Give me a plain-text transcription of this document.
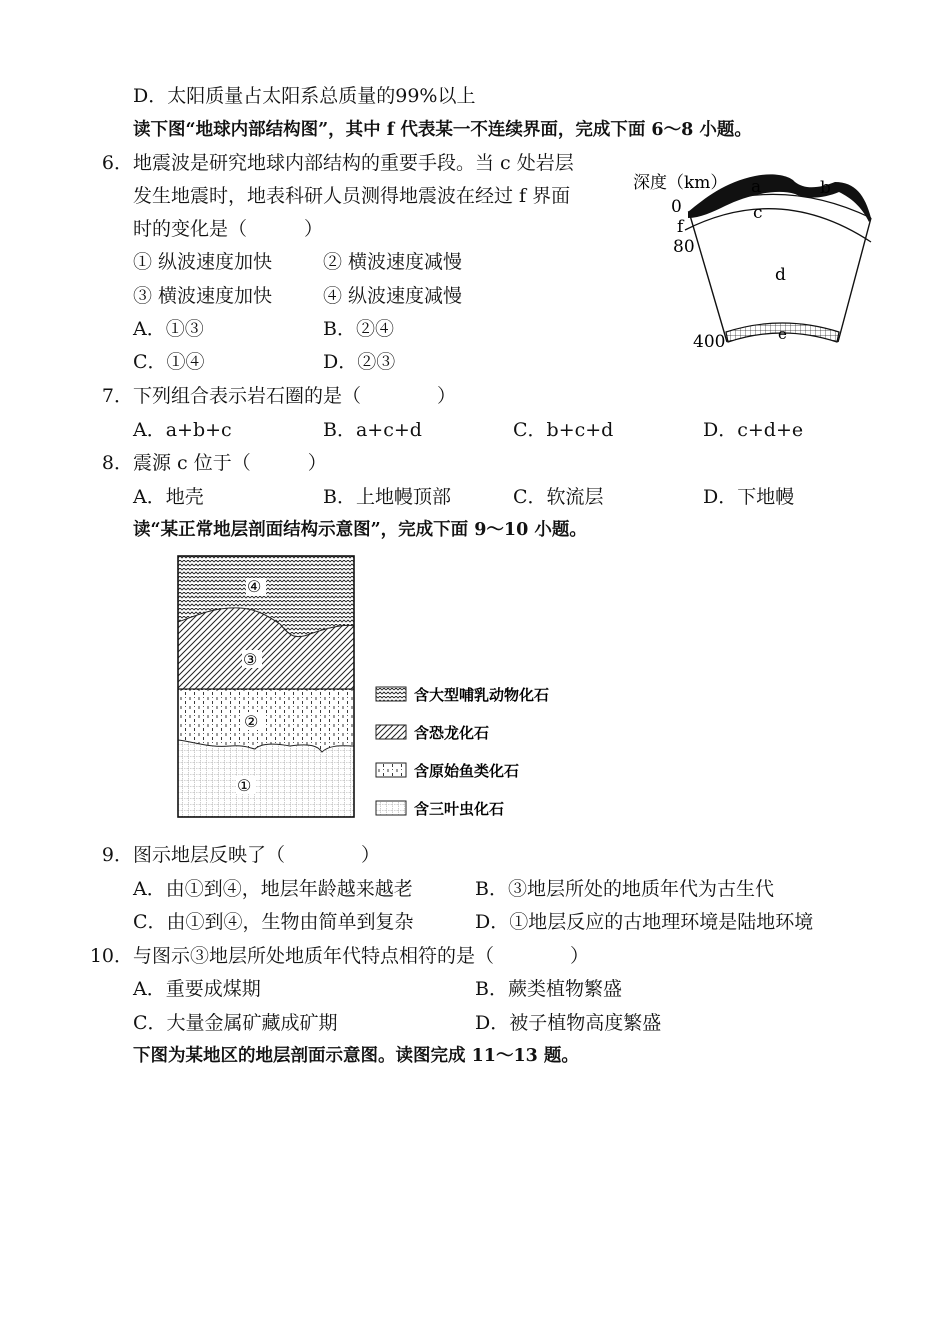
D．太阳质量占太阳系总质量的99%以上
读下图“地球内部结构图”，其中 f 代表某一不连续界面，完成下面 6～8 小题。
6． 地震波是研究地球内部结构的重要手段。当 c 处岩层
发生地震时，地表科研人员测得地震波在经过 f 界面
时的变化是（　　　）
① 纵波速度加快	② 横波速度减慢
③ 横波速度加快	④ 纵波速度减慢
A．①③	B．②④
C．①④	D．②③
深度（km）
0
f
80
400
a	b
c
d
e
7． 下列组合表示岩石圈的是（　　　　）
A．a+b+c	B．a+c+d	C．b+c+d	D．c+d+e
8． 震源 c 位于（　　　）
A．地壳	B．上地幔顶部	C．软流层	D．下地幔
读“某正常地层剖面结构示意图”，完成下面 9～10 小题。
④
③
②
①
含大型哺乳动物化石
含恐龙化石
含原始鱼类化石
含三叶虫化石
9． 图示地层反映了（　　　　）
A．由①到④，地层年龄越来越老	B．③地层所处的地质年代为古生代
C．由①到④，生物由简单到复杂	D．①地层反应的古地理环境是陆地环境
10． 与图示③地层所处地质年代特点相符的是（　　　　）
A．重要成煤期	B．蕨类植物繁盛
C．大量金属矿藏成矿期	D．被子植物高度繁盛
下图为某地区的地层剖面示意图。读图完成 11～13 题。
